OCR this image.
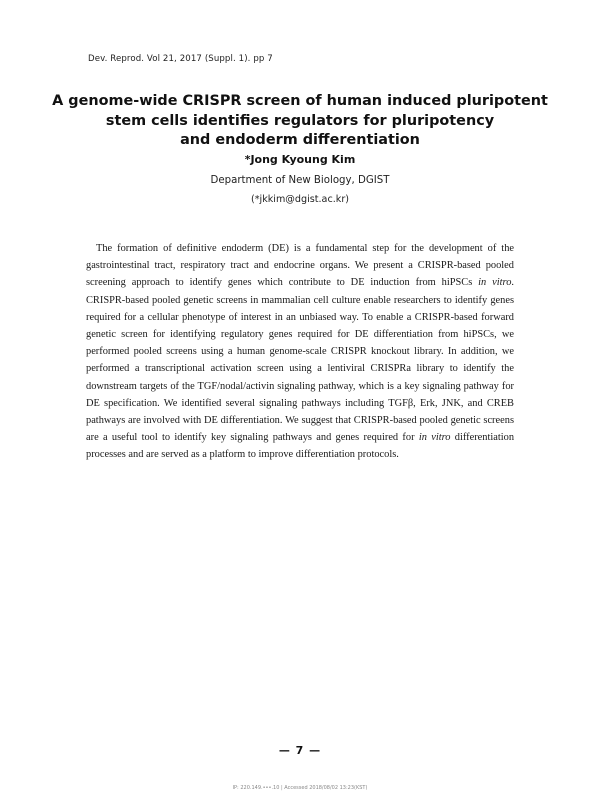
Dev. Reprod. Vol 21, 2017 (Suppl. 1). pp 7
A genome-wide CRISPR screen of human induced pluripotent
stem cells identifies regulators for pluripotency
and endoderm differentiation
*Jong Kyoung Kim
Department of New Biology, DGIST
(*jkkim@dgist.ac.kr)
The formation of definitive endoderm (DE) is a fundamental step for the development of the
gastrointestinal tract, respiratory tract and endocrine organs. We present a CRISPR-based pooled
screening approach to identify genes which contribute to DE induction from hiPSCs in vitro.
CRISPR-based pooled genetic screens in mammalian cell culture enable researchers to identify genes
required for a cellular phenotype of interest in an unbiased way. To enable a CRISPR-based forward
genetic screen for identifying regulatory genes required for DE differentiation from hiPSCs, we
performed pooled screens using a human genome-scale CRISPR knockout library. In addition, we
performed a transcriptional activation screen using a lentiviral CRISPRa library to identify the
downstream targets of the TGF/nodal/activin signaling pathway, which is a key signaling pathway for
DE specification. We identified several signaling pathways including TGFβ, Erk, JNK, and CREB
pathways are involved with DE differentiation. We suggest that CRISPR-based pooled genetic screens
are a useful tool to identify key signaling pathways and genes required for in vitro differentiation
processes and are served as a platform to improve differentiation protocols.
— 7 —
IP: 220.149.•••.10 | Accessed 2018/08/02 13:23(KST)
